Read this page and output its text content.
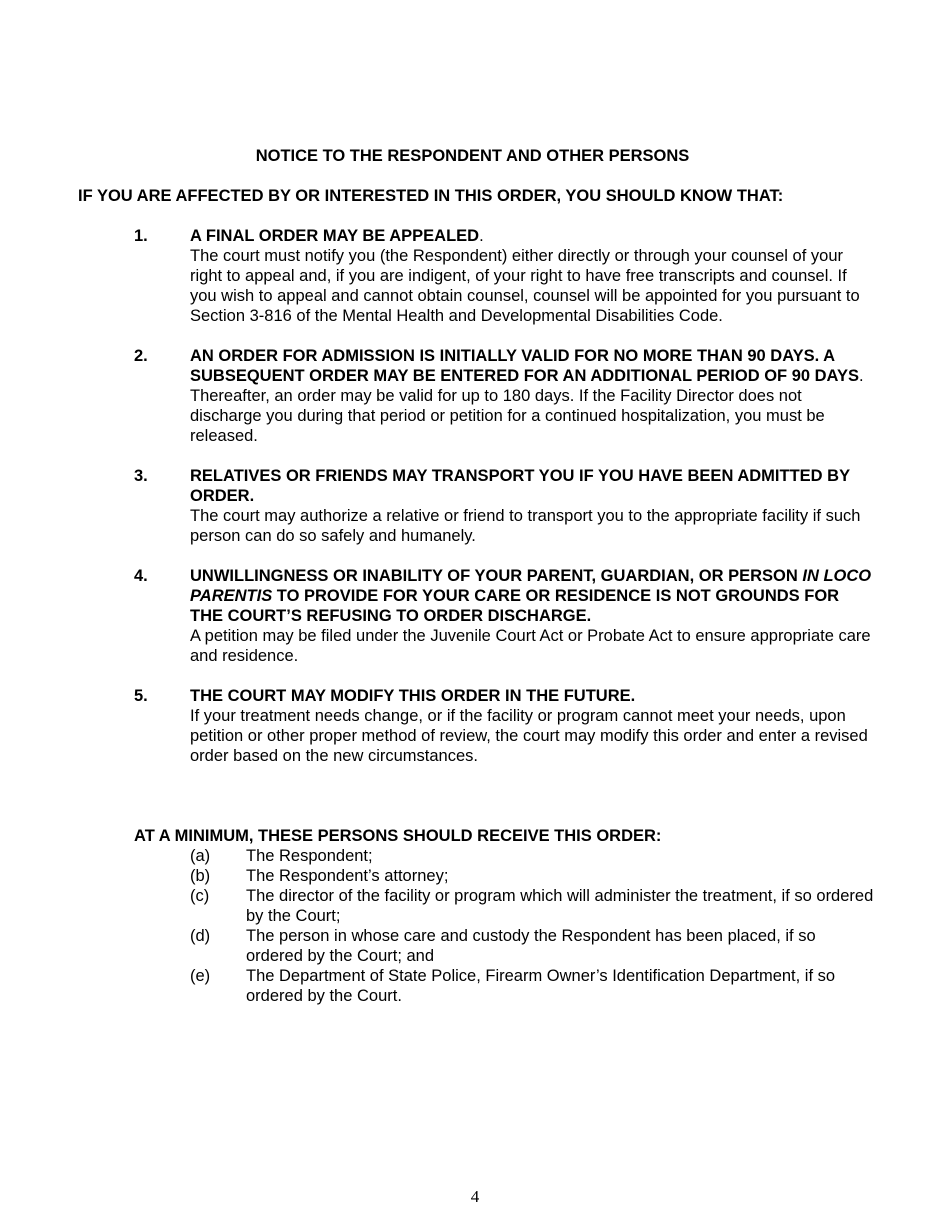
NOTICE TO THE RESPONDENT AND OTHER PERSONS

IF YOU ARE AFFECTED BY OR INTERESTED IN THIS ORDER, YOU SHOULD KNOW THAT:

1.	A FINAL ORDER MAY BE APPEALED.
The court must notify you (the Respondent) either directly or through your counsel of your right to appeal and, if you are indigent, of your right to have free transcripts and counsel. If you wish to appeal and cannot obtain counsel, counsel will be appointed for you pursuant to Section 3-816 of the Mental Health and Developmental Disabilities Code.
2.	AN ORDER FOR ADMISSION IS INITIALLY VALID FOR NO MORE THAN 90 DAYS. A SUBSEQUENT ORDER MAY BE ENTERED FOR AN ADDITIONAL PERIOD OF 90 DAYS.
Thereafter, an order may be valid for up to 180 days. If the Facility Director does not discharge you during that period or petition for a continued hospitalization, you must be released.
3.	RELATIVES OR FRIENDS MAY TRANSPORT YOU IF YOU HAVE BEEN ADMITTED BY ORDER.
The court may authorize a relative or friend to transport you to the appropriate facility if such person can do so safely and humanely.
4.	UNWILLINGNESS OR INABILITY OF YOUR PARENT, GUARDIAN, OR PERSON IN LOCO PARENTIS TO PROVIDE FOR YOUR CARE OR RESIDENCE IS NOT GROUNDS FOR THE COURT’S REFUSING TO ORDER DISCHARGE.
A petition may be filed under the Juvenile Court Act or Probate Act to ensure appropriate care and residence.
5.	THE COURT MAY MODIFY THIS ORDER IN THE FUTURE.
If your treatment needs change, or if the facility or program cannot meet your needs, upon petition or other proper method of review, the court may modify this order and enter a revised order based on the new circumstances.
AT A MINIMUM, THESE PERSONS SHOULD RECEIVE THIS ORDER:
(a) The Respondent;
(b) The Respondent’s attorney;
(c) The director of the facility or program which will administer the treatment, if so ordered by the Court;
(d) The person in whose care and custody the Respondent has been placed, if so ordered by the Court; and
(e) The Department of State Police, Firearm Owner’s Identification Department, if so ordered by the Court.
4
